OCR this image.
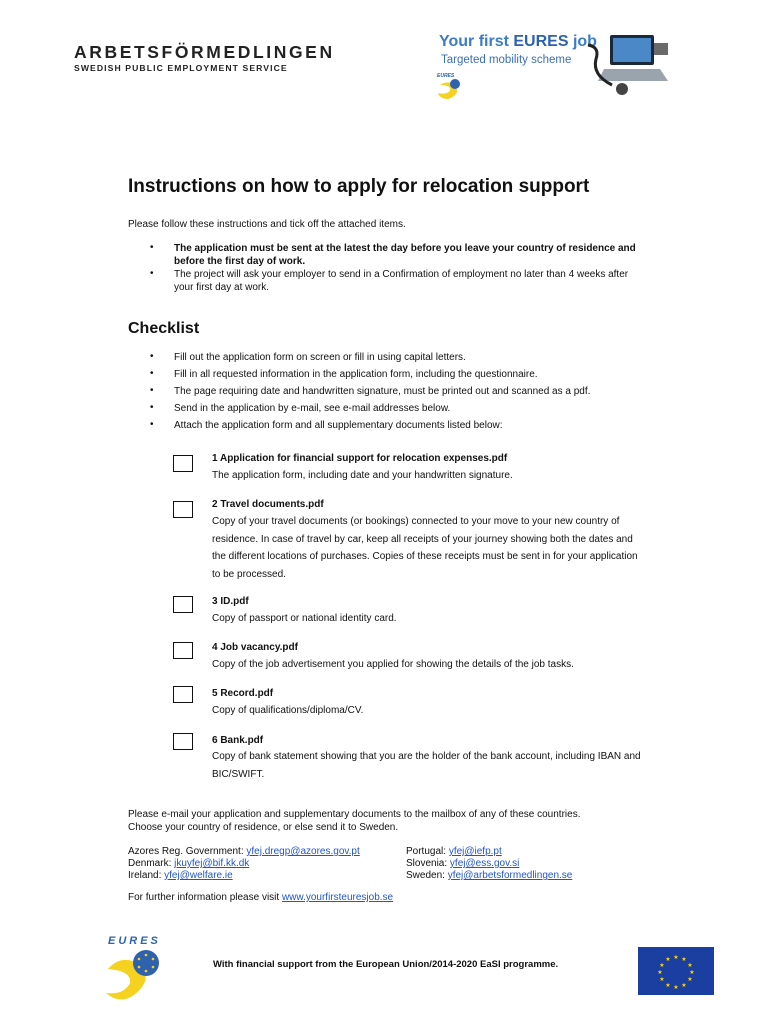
ARBETSFÖRMEDLINGEN
SWEDISH PUBLIC EMPLOYMENT SERVICE
Your first EURES job
Targeted mobility scheme
EURES
Instructions on how to apply for relocation support
Please follow these instructions and tick off the attached items.
• The application must be sent at the latest the day before you leave your country of residence and before the first day of work.
• The project will ask your employer to send in a Confirmation of employment no later than 4 weeks after your first day at work.
Checklist
• Fill out the application form on screen or fill in using capital letters.
• Fill in all requested information in the application form, including the questionnaire.
• The page requiring date and handwritten signature, must be printed out and scanned as a pdf.
• Send in the application by e-mail, see e-mail addresses below.
• Attach the application form and all supplementary documents listed below:
1 Application for financial support for relocation expenses.pdf
The application form, including date and your handwritten signature.
2 Travel documents.pdf
Copy of your travel documents (or bookings) connected to your move to your new country of residence. In case of travel by car, keep all receipts of your journey showing both the dates and the different locations of purchases. Copies of these receipts must be sent in for your application to be processed.
3 ID.pdf
Copy of passport or national identity card.
4 Job vacancy.pdf
Copy of the job advertisement you applied for showing the details of the job tasks.
5 Record.pdf
Copy of qualifications/diploma/CV.
6 Bank.pdf
Copy of bank statement showing that you are the holder of the bank account, including IBAN and BIC/SWIFT.
Please e-mail your application and supplementary documents to the mailbox of any of these countries.
Choose your country of residence, or else send it to Sweden.
Azores Reg. Government: yfej.dregp@azores.gov.pt
Denmark: jkuyfej@bif.kk.dk
Ireland: yfej@welfare.ie
Portugal: yfej@iefp.pt
Slovenia: yfej@ess.gov.si
Sweden: yfej@arbetsformedlingen.se
For further information please visit www.yourfirsteuresjob.se
EURES
With financial support from the European Union/2014-2020 EaSI programme.
★ ★
★
★
★
★
★
★
★
★
★
★
